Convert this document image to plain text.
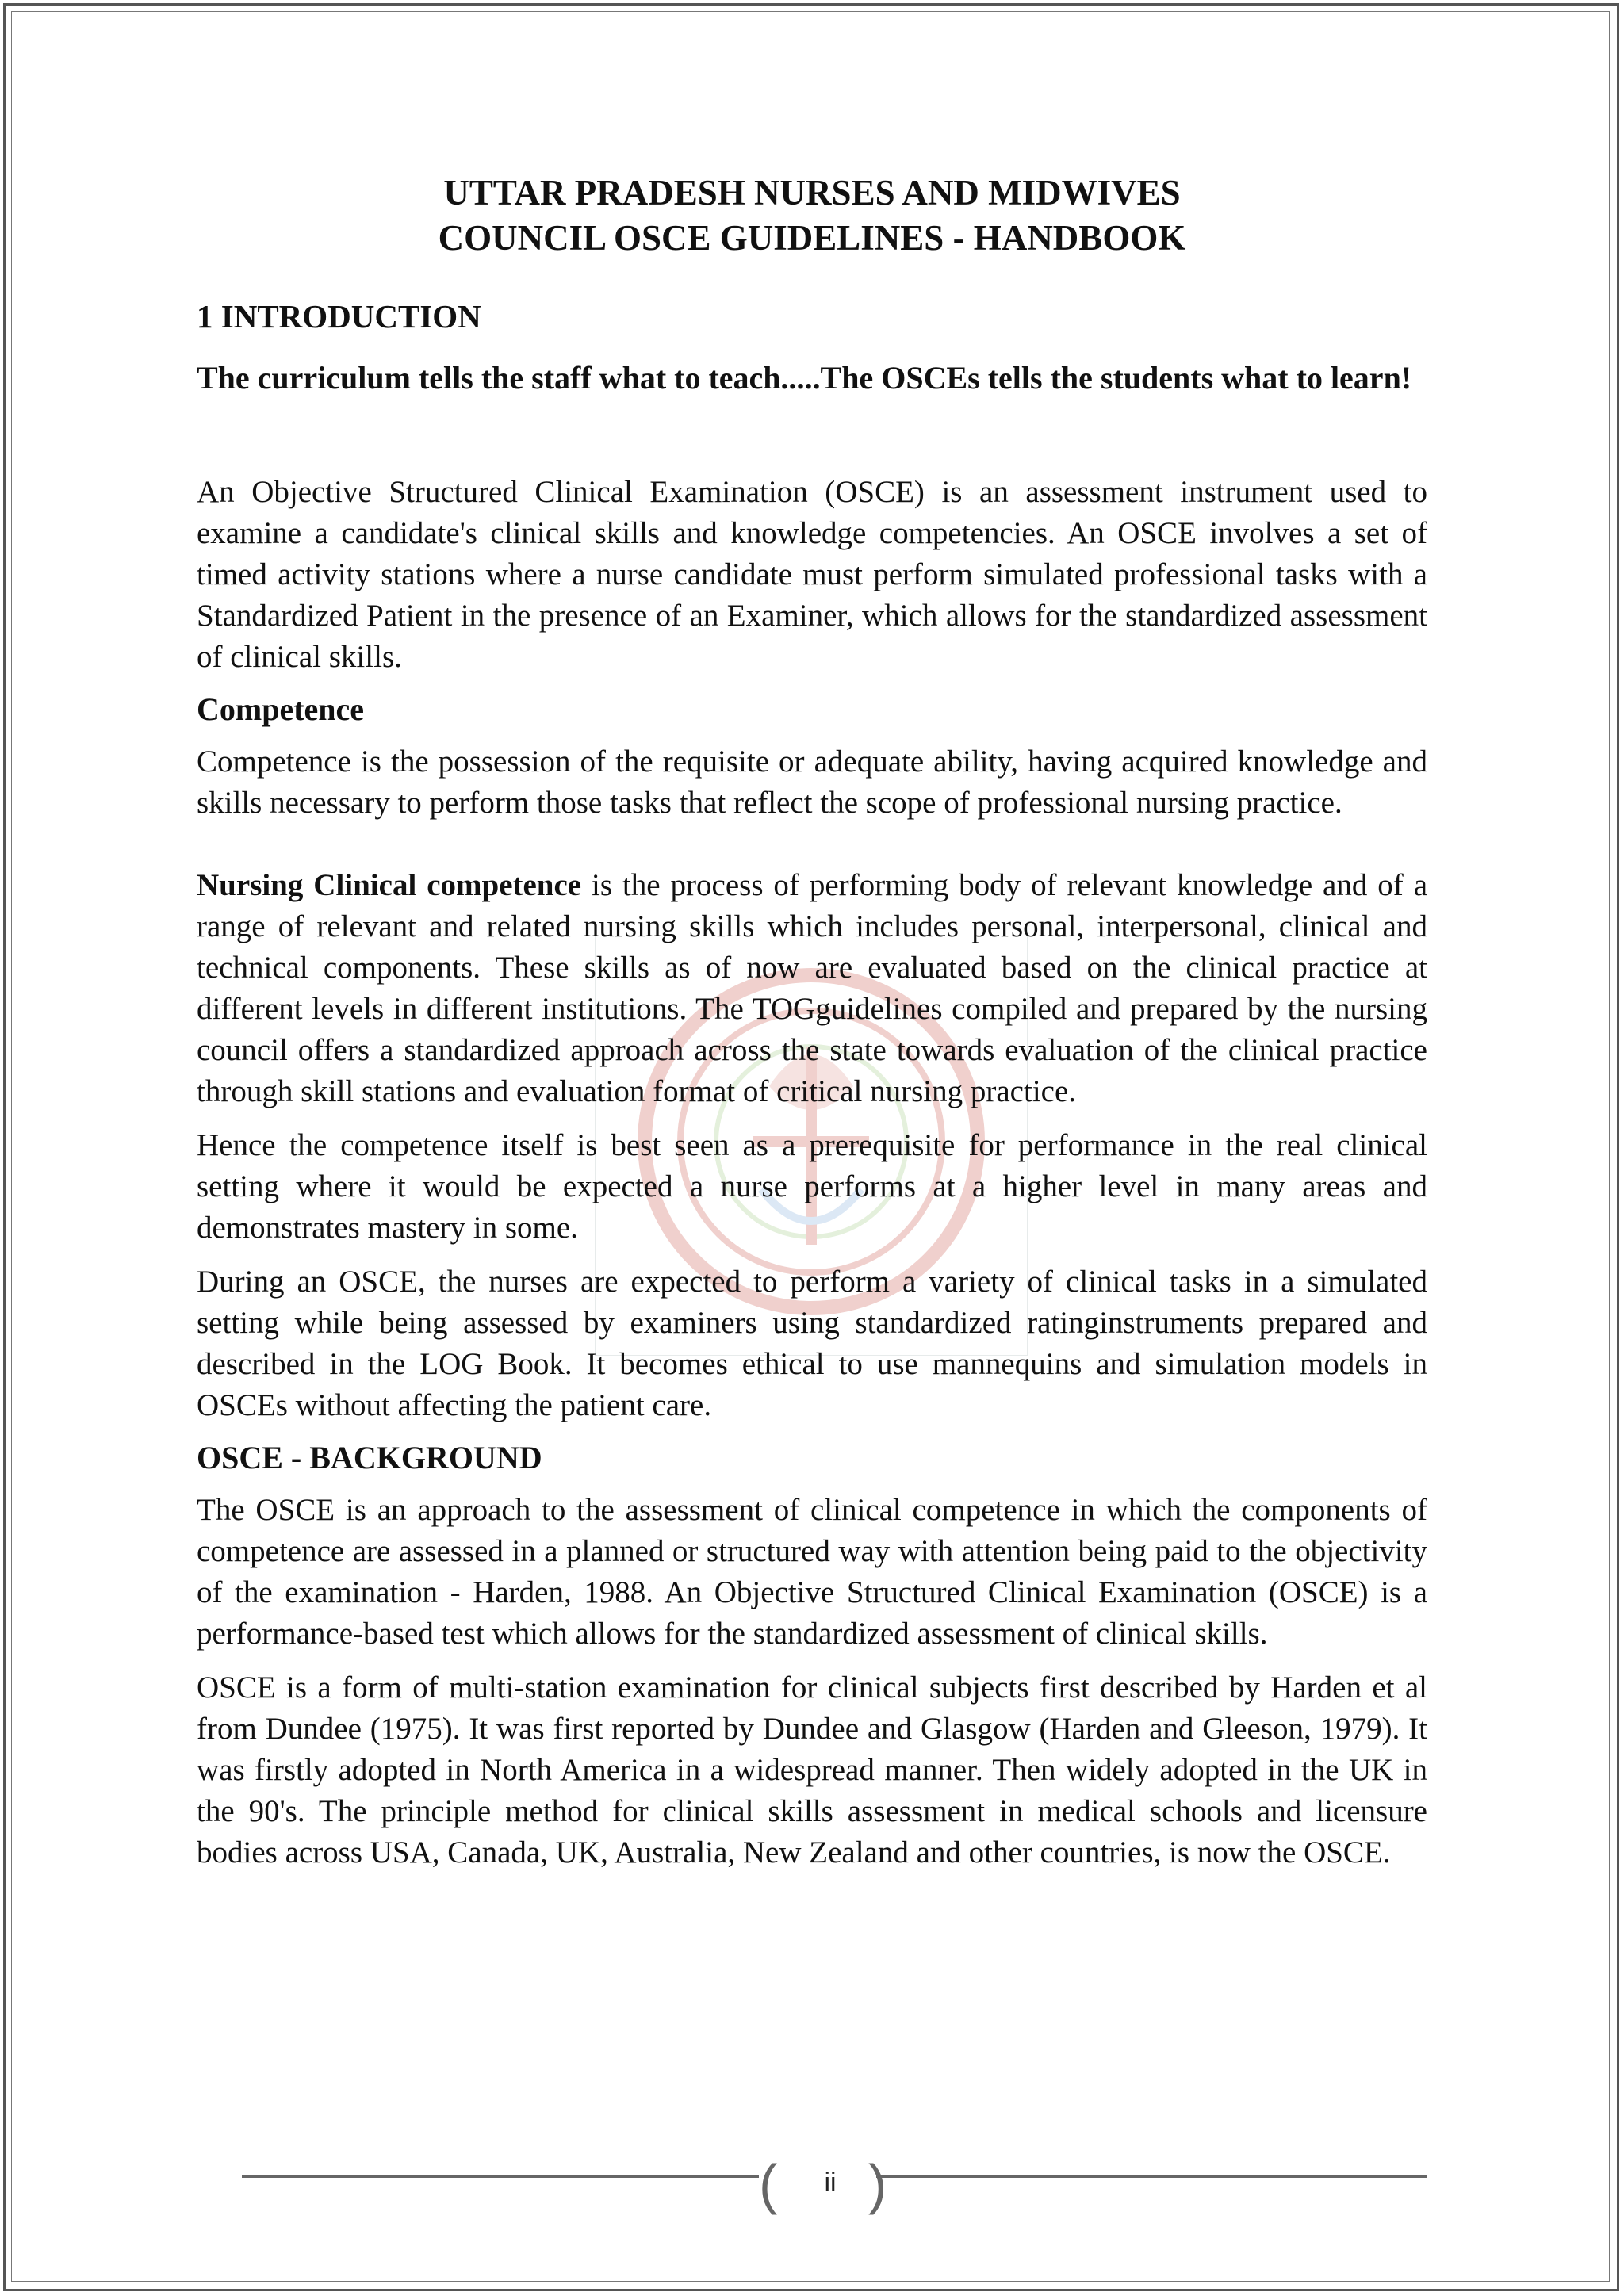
UTTAR PRADESH NURSES AND MIDWIVES
COUNCIL OSCE GUIDELINES - HANDBOOK
1 INTRODUCTION

The curriculum tells the staff what to teach.....The OSCEs tells the students what to learn!

An Objective Structured Clinical Examination (OSCE) is an assessment instrument used to examine a candidate's clinical skills and knowledge competencies. An OSCE involves a set of timed activity stations where a nurse candidate must perform simulated professional tasks with a Standardized Patient in the presence of an Examiner, which allows for the standardized assessment of clinical skills.

Competence

Competence is the possession of the requisite or adequate ability, having acquired knowledge and skills necessary to perform those tasks that reflect the scope of professional nursing practice.

Nursing Clinical competence is the process of performing body of relevant knowledge and of a range of relevant and related nursing skills which includes personal, interpersonal, clinical and technical components. These skills as of now are evaluated based on the clinical practice at different levels in different institutions. The TOGguidelines compiled and prepared by the nursing council offers a standardized approach across the state towards evaluation of the clinical practice through skill stations and evaluation format of critical nursing practice.

Hence the competence itself is best seen as a prerequisite for performance in the real clinical setting where it would be expected a nurse performs at a higher level in many areas and demonstrates mastery in some.

During an OSCE, the nurses are expected to perform a variety of clinical tasks in a simulated setting while being assessed by examiners using standardized ratinginstruments prepared and described in the LOG Book. It becomes ethical to use mannequins and simulation models in OSCEs without affecting the patient care.

OSCE - BACKGROUND

The OSCE is an approach to the assessment of clinical competence in which the components of competence are assessed in a planned or structured way with attention being paid to the objectivity of the examination - Harden, 1988. An Objective Structured Clinical Examination (OSCE) is a performance-based test which allows for the standardized assessment of clinical skills.

OSCE is a form of multi-station examination for clinical subjects first described by Harden et al from Dundee (1975). It was first reported by Dundee and Glasgow (Harden and Gleeson, 1979). It was firstly adopted in North America in a widespread manner. Then widely adopted in the UK in the 90's. The principle method for clinical skills assessment in medical schools and licensure bodies across USA, Canada, UK, Australia, New Zealand and other countries, is now the OSCE.

(	ii )
